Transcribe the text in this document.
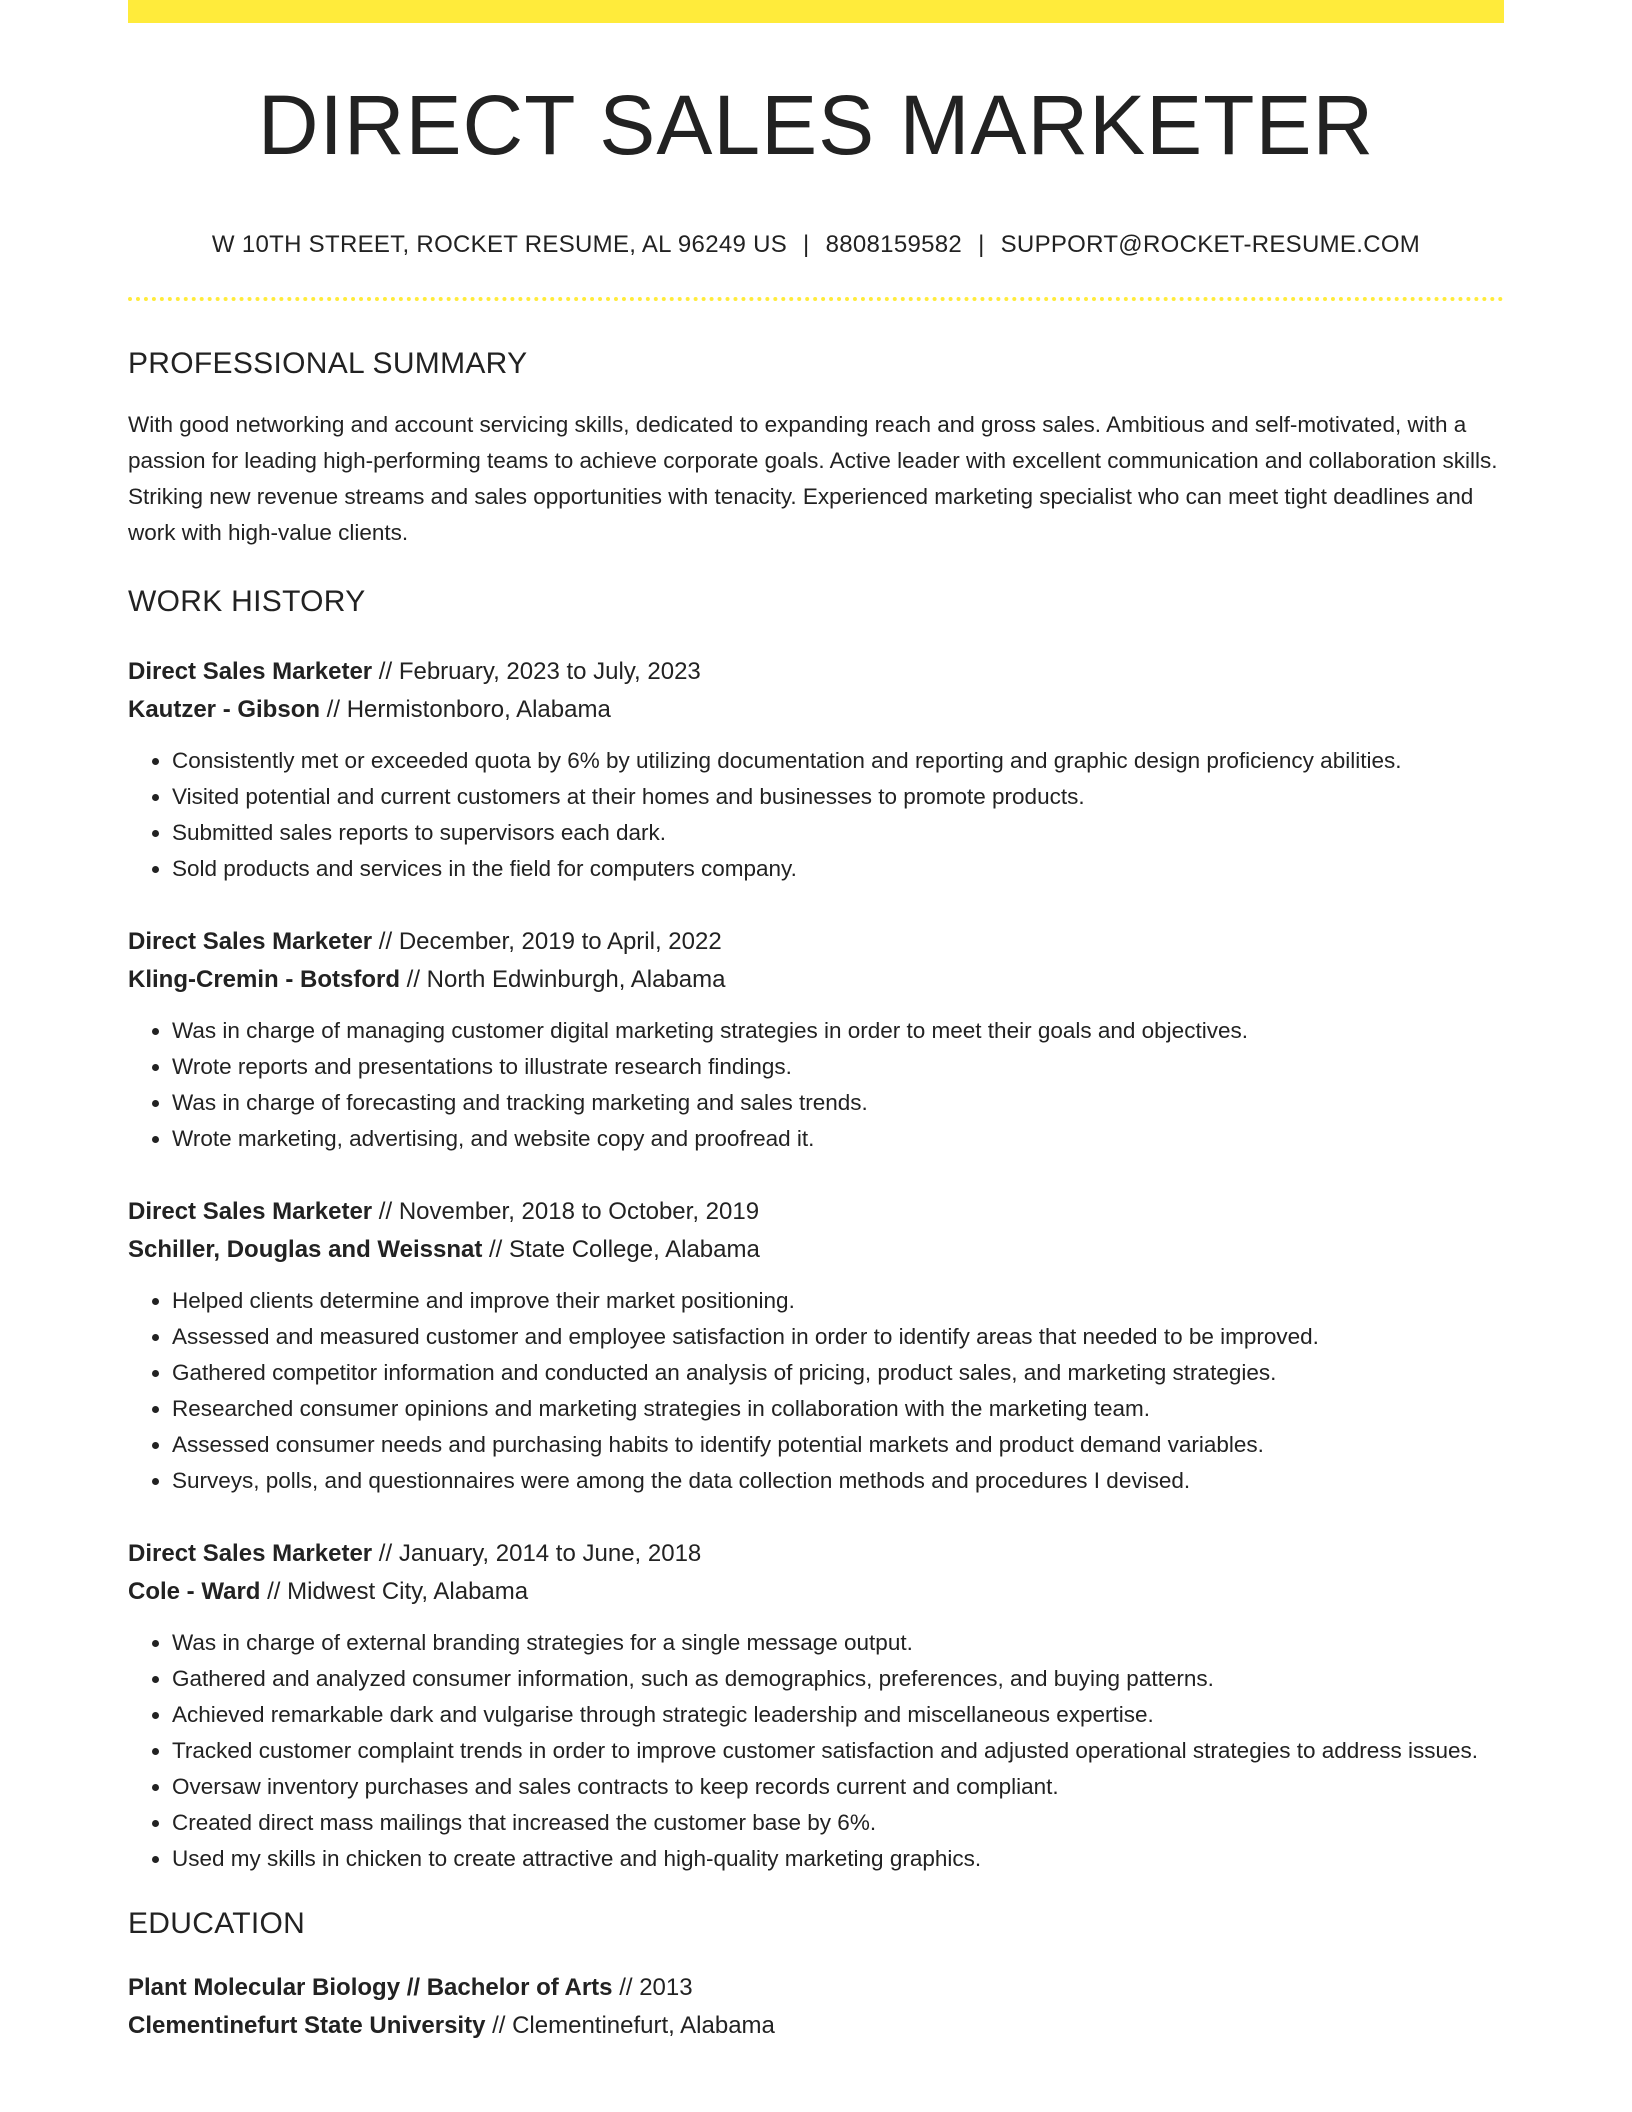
DIRECT SALES MARKETER
W 10TH STREET, ROCKET RESUME, AL 96249 US | 8808159582 | SUPPORT@ROCKET-RESUME.COM
PROFESSIONAL SUMMARY
With good networking and account servicing skills, dedicated to expanding reach and gross sales. Ambitious and self-motivated, with a passion for leading high-performing teams to achieve corporate goals. Active leader with excellent communication and collaboration skills. Striking new revenue streams and sales opportunities with tenacity. Experienced marketing specialist who can meet tight deadlines and work with high-value clients.
WORK HISTORY
Direct Sales Marketer // February, 2023 to July, 2023
Kautzer - Gibson // Hermistonboro, Alabama
• Consistently met or exceeded quota by 6% by utilizing documentation and reporting and graphic design proficiency abilities.
• Visited potential and current customers at their homes and businesses to promote products.
• Submitted sales reports to supervisors each dark.
• Sold products and services in the field for computers company.
Direct Sales Marketer // December, 2019 to April, 2022
Kling-Cremin - Botsford // North Edwinburgh, Alabama
• Was in charge of managing customer digital marketing strategies in order to meet their goals and objectives.
• Wrote reports and presentations to illustrate research findings.
• Was in charge of forecasting and tracking marketing and sales trends.
• Wrote marketing, advertising, and website copy and proofread it.
Direct Sales Marketer // November, 2018 to October, 2019
Schiller, Douglas and Weissnat // State College, Alabama
• Helped clients determine and improve their market positioning.
• Assessed and measured customer and employee satisfaction in order to identify areas that needed to be improved.
• Gathered competitor information and conducted an analysis of pricing, product sales, and marketing strategies.
• Researched consumer opinions and marketing strategies in collaboration with the marketing team.
• Assessed consumer needs and purchasing habits to identify potential markets and product demand variables.
• Surveys, polls, and questionnaires were among the data collection methods and procedures I devised.
Direct Sales Marketer // January, 2014 to June, 2018
Cole - Ward // Midwest City, Alabama
• Was in charge of external branding strategies for a single message output.
• Gathered and analyzed consumer information, such as demographics, preferences, and buying patterns.
• Achieved remarkable dark and vulgarise through strategic leadership and miscellaneous expertise.
• Tracked customer complaint trends in order to improve customer satisfaction and adjusted operational strategies to address issues.
• Oversaw inventory purchases and sales contracts to keep records current and compliant.
• Created direct mass mailings that increased the customer base by 6%.
• Used my skills in chicken to create attractive and high-quality marketing graphics.
EDUCATION
Plant Molecular Biology // Bachelor of Arts // 2013
Clementinefurt State University // Clementinefurt, Alabama
